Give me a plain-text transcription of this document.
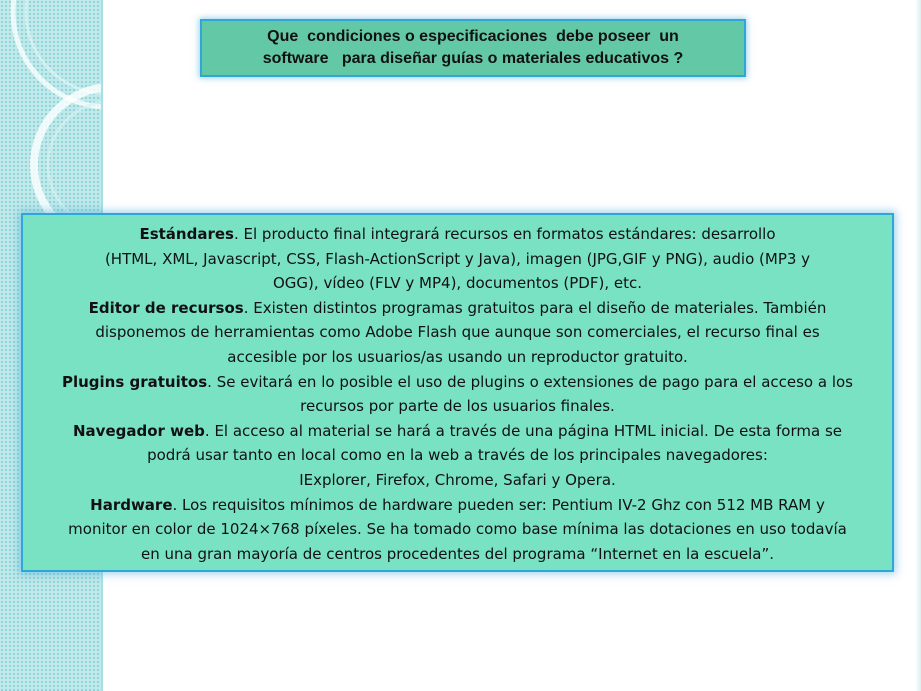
Que  condiciones o especificaciones  debe poseer  un
software   para diseñar guías o materiales educativos ?

Estándares. El producto final integrará recursos en formatos estándares: desarrollo
(HTML, XML, Javascript, CSS, Flash-ActionScript y Java), imagen (JPG,GIF y PNG), audio (MP3 y
OGG), vídeo (FLV y MP4), documentos (PDF), etc.

Editor de recursos. Existen distintos programas gratuitos para el diseño de materiales. También
disponemos de herramientas como Adobe Flash que aunque son comerciales, el recurso final es
accesible por los usuarios/as usando un reproductor gratuito.

Plugins gratuitos. Se evitará en lo posible el uso de plugins o extensiones de pago para el acceso a los
recursos por parte de los usuarios finales.

Navegador web. El acceso al material se hará a través de una página HTML inicial. De esta forma se
podrá usar tanto en local como en la web a través de los principales navegadores:
IExplorer, Firefox, Chrome, Safari y Opera.

Hardware. Los requisitos mínimos de hardware pueden ser: Pentium IV-2 Ghz con 512 MB RAM y
monitor en color de 1024×768 píxeles. Se ha tomado como base mínima las dotaciones en uso todavía
en una gran mayoría de centros procedentes del programa “Internet en la escuela”.
